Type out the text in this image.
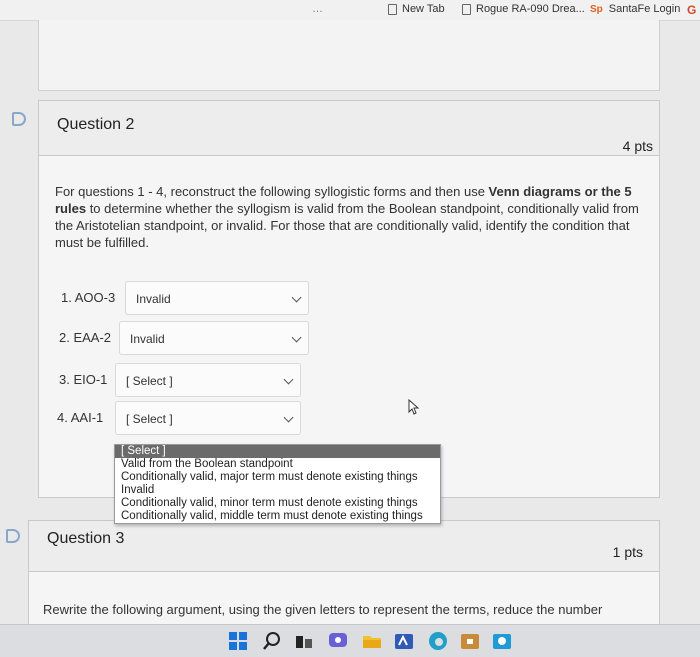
…	New Tab	Rogue RA-090 Drea... Sp SantaFe Login G
Question 2
4 pts
For questions 1 - 4, reconstruct the following syllogistic forms and then use Venn diagrams or the 5 rules to determine whether the syllogism is valid from the Boolean standpoint, conditionally valid from the Aristotelian standpoint, or invalid. For those that are conditionally valid, identify the condition that must be fulfilled.
1. AOO-3	Invalid
2. EAA-2	Invalid
3. EIO-1	[ Select ]
4. AAI-1	[ Select ]
Question 3
1 pts
Rewrite the following argument, using the given letters to represent the terms, reduce the number
[ Select ]
Valid from the Boolean standpoint
Conditionally valid, major term must denote existing things
Invalid
Conditionally valid, minor term must denote existing things
Conditionally valid, middle term must denote existing things
